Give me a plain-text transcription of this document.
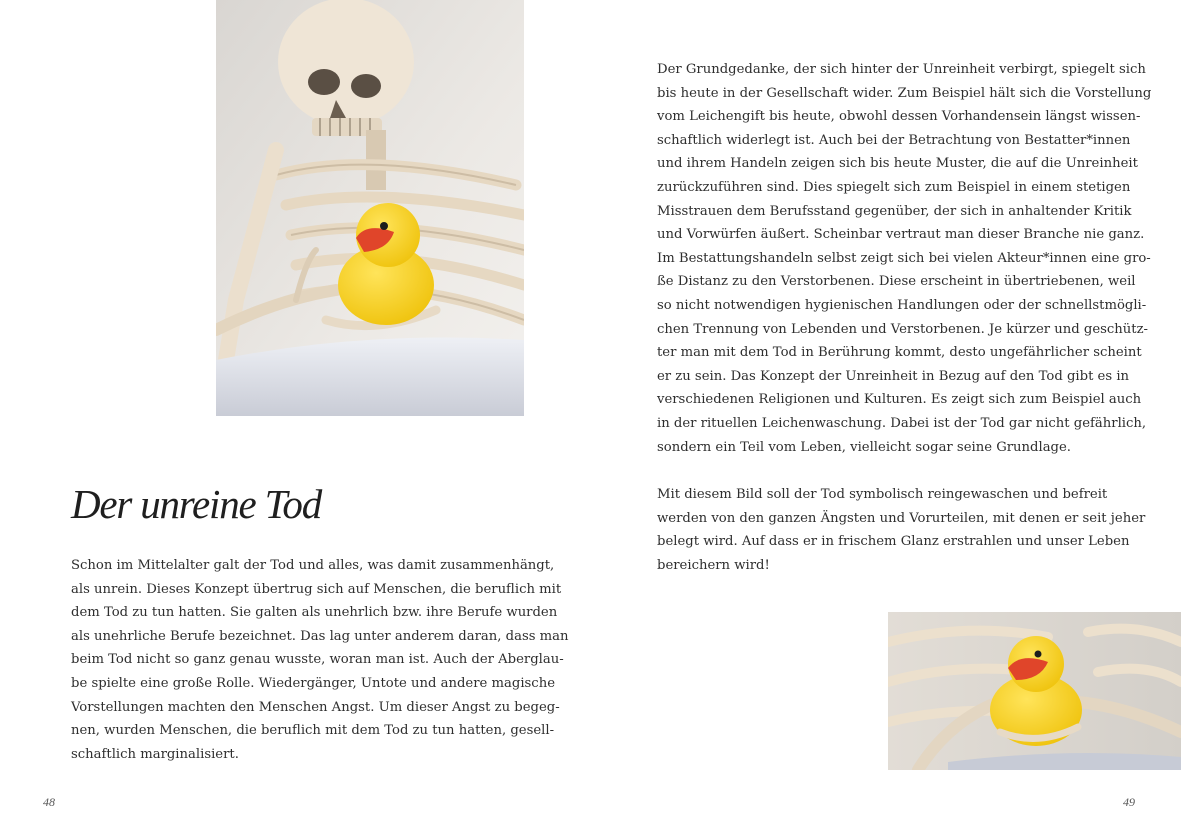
Der unreine Tod

Schon im Mittelalter galt der Tod und alles, was damit zusammenhängt,
als unrein. Dieses Konzept übertrug sich auf Menschen, die beruflich mit
dem Tod zu tun hatten. Sie galten als unehrlich bzw. ihre Berufe wurden
als unehrliche Berufe bezeichnet. Das lag unter anderem daran, dass man
beim Tod nicht so ganz genau wusste, woran man ist. Auch der Aberglau-
be spielte eine große Rolle. Wiedergänger, Untote und andere magische
Vorstellungen machten den Menschen Angst. Um dieser Angst zu begeg-
nen, wurden Menschen, die beruflich mit dem Tod zu tun hatten, gesell-
schaftlich marginalisiert.

48

Der Grundgedanke, der sich hinter der Unreinheit verbirgt, spiegelt sich
bis heute in der Gesellschaft wider. Zum Beispiel hält sich die Vorstellung
vom Leichengift bis heute, obwohl dessen Vorhandensein längst wissen-
schaftlich widerlegt ist. Auch bei der Betrachtung von Bestatter*innen
und ihrem Handeln zeigen sich bis heute Muster, die auf die Unreinheit
zurückzuführen sind. Dies spiegelt sich zum Beispiel in einem stetigen
Misstrauen dem Berufsstand gegenüber, der sich in anhaltender Kritik
und Vorwürfen äußert. Scheinbar vertraut man dieser Branche nie ganz.
Im Bestattungshandeln selbst zeigt sich bei vielen Akteur*innen eine gro-
ße Distanz zu den Verstorbenen. Diese erscheint in übertriebenen, weil
so nicht notwendigen hygienischen Handlungen oder der schnellstmögli-
chen Trennung von Lebenden und Verstorbenen. Je kürzer und geschütz-
ter man mit dem Tod in Berührung kommt, desto ungefährlicher scheint
er zu sein. Das Konzept der Unreinheit in Bezug auf den Tod gibt es in
verschiedenen Religionen und Kulturen. Es zeigt sich zum Beispiel auch
in der rituellen Leichenwaschung. Dabei ist der Tod gar nicht gefährlich,
sondern ein Teil vom Leben, vielleicht sogar seine Grundlage.

Mit diesem Bild soll der Tod symbolisch reingewaschen und befreit
werden von den ganzen Ängsten und Vorurteilen, mit denen er seit jeher
belegt wird. Auf dass er in frischem Glanz erstrahlen und unser Leben
bereichern wird!

49
